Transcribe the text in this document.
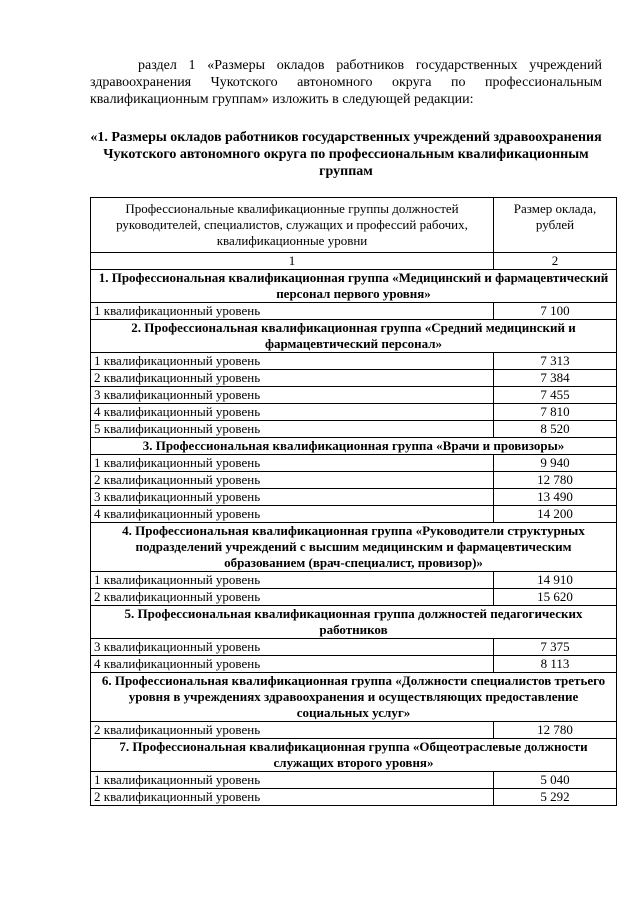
раздел 1 «Размеры окладов работников государственных учреждений здравоохранения Чукотского автономного округа по профессиональным квалификационным группам» изложить в следующей редакции:

«1. Размеры окладов работников государственных учреждений здравоохранения Чукотского автономного округа по профессиональным квалификационным группам

Профессиональные квалификационные группы должностей руководителей, специалистов, служащих и профессий рабочих, квалификационные уровни	Размер оклада, рублей
1	2
1. Профессиональная квалификационная группа «Медицинский и фармацевтический персонал первого уровня»	
1 квалификационный уровень	7 100
2. Профессиональная квалификационная группа «Средний медицинский и фармацевтический персонал»	
1 квалификационный уровень	7 313
2 квалификационный уровень	7 384
3 квалификационный уровень	7 455
4 квалификационный уровень	7 810
5 квалификационный уровень	8 520
3. Профессиональная квалификационная группа «Врачи и провизоры»	
1 квалификационный уровень	9 940
2 квалификационный уровень	12 780
3 квалификационный уровень	13 490
4 квалификационный уровень	14 200
4. Профессиональная квалификационная группа «Руководители структурных подразделений учреждений с высшим медицинским и фармацевтическим образованием (врач-специалист, провизор)»	
1 квалификационный уровень	14 910
2 квалификационный уровень	15 620
5. Профессиональная квалификационная группа должностей педагогических работников	
3 квалификационный уровень	7 375
4 квалификационный уровень	8 113
6. Профессиональная квалификационная группа «Должности специалистов третьего уровня в учреждениях здравоохранения и осуществляющих предоставление социальных услуг»	
2 квалификационный уровень	12 780
7. Профессиональная квалификационная группа «Общеотраслевые должности служащих второго уровня»	
1 квалификационный уровень	5 040
2 квалификационный уровень	5 292
